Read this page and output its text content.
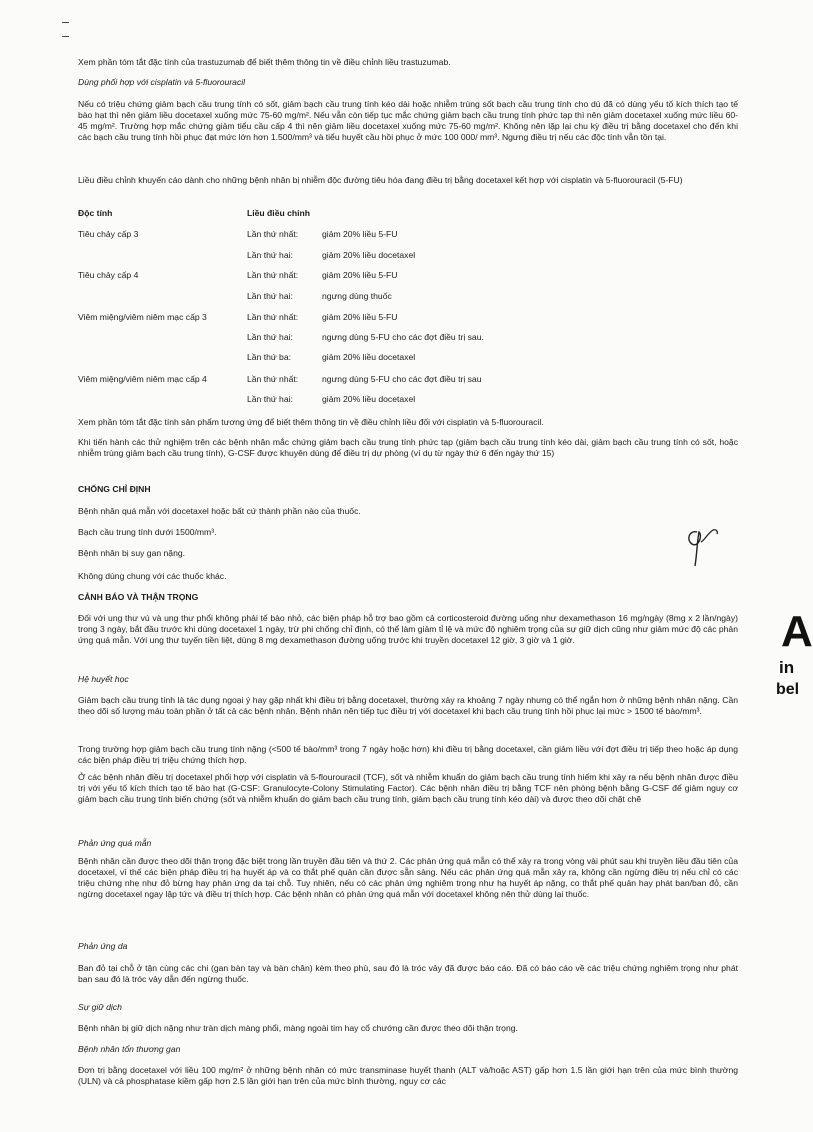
Xem phần tóm tắt đặc tính của trastuzumab để biết thêm thông tin về điều chỉnh liều trastuzumab.

Dùng phối hợp với cisplatin và 5-fluorouracil

Nếu có triệu chứng giảm bạch cầu trung tính có sốt, giảm bạch cầu trung tính kéo dài hoặc nhiễm trùng sốt bạch cầu trung tính cho dù đã có dùng yếu tố kích thích tạo tế bào hạt thì nên giảm liều docetaxel xuống mức 75-60 mg/m². Nếu vẫn còn tiếp tục mắc chứng giảm bạch cầu trung tính phức tạp thì nên giảm docetaxel xuống mức liều 60-45 mg/m². Trường hợp mắc chứng giảm tiểu cầu cấp 4 thì nên giảm liều docetaxel xuống mức 75-60 mg/m². Không nên lặp lại chu kỳ điều trị bằng docetaxel cho đến khi các bạch cầu trung tính hồi phục đạt mức lớn hơn 1.500/mm³ và tiểu huyết cầu hồi phục ở mức 100 000/ mm³. Ngưng điều trị nếu các độc tính vẫn tồn tại.

Liều điều chỉnh khuyến cáo dành cho những bệnh nhân bị nhiễm độc đường tiêu hóa đang điều trị bằng docetaxel kết hợp với cisplatin và 5-fluorouracil (5-FU)

Độc tính	Liều điều chỉnh
Tiêu chảy cấp 3	Lần thứ nhất:	giảm 20% liều 5-FU
Lần thứ hai:	giảm 20% liều docetaxel
Tiêu chảy cấp 4	Lần thứ nhất:	giảm 20% liều 5-FU
Lần thứ hai:	ngưng dùng thuốc
Viêm miệng/viêm niêm mạc cấp 3	Lần thứ nhất:	giảm 20% liều 5-FU
Lần thứ hai:	ngưng dùng 5-FU cho các đợt điều trị sau.
Lần thứ ba:	giảm 20% liều docetaxel
Viêm miệng/viêm niêm mạc cấp 4	Lần thứ nhất:	ngưng dùng 5-FU cho các đợt điều trị sau
Lần thứ hai:	giảm 20% liều docetaxel

Xem phần tóm tắt đặc tính sản phẩm tương ứng để biết thêm thông tin về điều chỉnh liều đối với cisplatin và 5-fluorouracil.

Khi tiến hành các thử nghiệm trên các bệnh nhân mắc chứng giảm bạch cầu trung tính phức tạp (giảm bạch cầu trung tính kéo dài, giảm bạch cầu trung tính có sốt, hoặc nhiễm trùng giảm bạch cầu trung tính), G-CSF được khuyên dùng để điều trị dự phòng (ví dụ từ ngày thứ 6 đến ngày thứ 15)

CHỐNG CHỈ ĐỊNH

Bệnh nhân quá mẫn với docetaxel hoặc bất cứ thành phần nào của thuốc.

Bạch cầu trung tính dưới 1500/mm³.

Bệnh nhân bị suy gan nặng.

Không dùng chung với các thuốc khác.

CẢNH BÁO VÀ THẬN TRỌNG

Đối với ung thư vú và ung thư phổi không phải tế bào nhỏ, các biện pháp hỗ trợ bao gồm cả corticosteroid đường uống như dexamethason 16 mg/ngày (8mg x 2 lần/ngày) trong 3 ngày, bắt đầu trước khi dùng docetaxel 1 ngày, trừ phi chống chỉ định, có thể làm giảm tỉ lệ và mức độ nghiêm trọng của sự giữ dịch cũng như giảm mức độ các phản ứng quá mẫn. Với ung thư tuyến tiền liệt, dùng 8 mg dexamethason đường uống trước khi truyền docetaxel 12 giờ, 3 giờ và 1 giờ.

Hệ huyết học

Giảm bạch cầu trung tính là tác dụng ngoại ý hay gặp nhất khi điều trị bằng docetaxel, thường xảy ra khoảng 7 ngày nhưng có thể ngắn hơn ở những bệnh nhân nặng. Cần theo dõi số lượng máu toàn phần ở tất cả các bệnh nhân. Bệnh nhân nên tiếp tục điều trị với docetaxel khi bạch cầu trung tính hồi phục lại mức > 1500 tế bào/mm³.

Trong trường hợp giảm bạch cầu trung tính nặng (<500 tế bào/mm³ trong 7 ngày hoặc hơn) khi điều trị bằng docetaxel, cần giảm liều với đợt điều trị tiếp theo hoặc áp dụng các biện pháp điều trị triệu chứng thích hợp.

Ở các bệnh nhân điều trị docetaxel phối hợp với cisplatin và 5-flourouracil (TCF), sốt và nhiễm khuẩn do giảm bạch cầu trung tính hiếm khi xảy ra nếu bệnh nhân được điều trị với yếu tố kích thích tạo tế bào hạt (G-CSF: Granulocyte-Colony Stimulating Factor). Các bệnh nhân điều trị bằng TCF nên phòng bệnh bằng G-CSF để giảm nguy cơ giảm bạch cầu trung tính biến chứng (sốt và nhiễm khuẩn do giảm bạch cầu trung tính, giảm bạch cầu trung tính kéo dài) và được theo dõi chặt chẽ

Phản ứng quá mẫn

Bệnh nhân cần được theo dõi thận trọng đặc biệt trong lần truyền đầu tiên và thứ 2. Các phản ứng quá mẫn có thể xảy ra trong vòng vài phút sau khi truyền liều đầu tiên của docetaxel, vì thế các biện pháp điều trị hạ huyết áp và co thắt phế quản cần được sẵn sàng. Nếu các phản ứng quá mẫn xảy ra, không cần ngừng điều trị nếu chỉ có các triệu chứng nhẹ như đỏ bừng hay phản ứng da tại chỗ. Tuy nhiên, nếu có các phản ứng nghiêm trọng như hạ huyết áp nặng, co thắt phế quản hay phát ban/ban đỏ, cần ngừng docetaxel ngay lập tức và điều trị thích hợp. Các bệnh nhân có phản ứng quá mẫn với docetaxel không nên thử dùng lại thuốc.

Phản ứng da

Ban đỏ tại chỗ ở tận cùng các chi (gan bàn tay và bàn chân) kèm theo phù, sau đó là tróc vảy đã được báo cáo. Đã có báo cáo về các triệu chứng nghiêm trọng như phát ban sau đó là tróc vảy dẫn đến ngừng thuốc.

Sự giữ dịch

Bệnh nhân bị giữ dịch nặng như tràn dịch màng phổi, màng ngoài tim hay cổ chướng cần được theo dõi thận trọng.

Bệnh nhân tổn thương gan

Đơn trị bằng docetaxel với liều 100 mg/m² ở những bệnh nhân có mức transminase huyết thanh (ALT và/hoặc AST) gấp hơn 1.5 lần giới hạn trên của mức bình thường (ULN) và cả phosphatase kiềm gấp hơn 2.5 lần giới hạn trên của mức bình thường, nguy cơ các

A
in
bel
